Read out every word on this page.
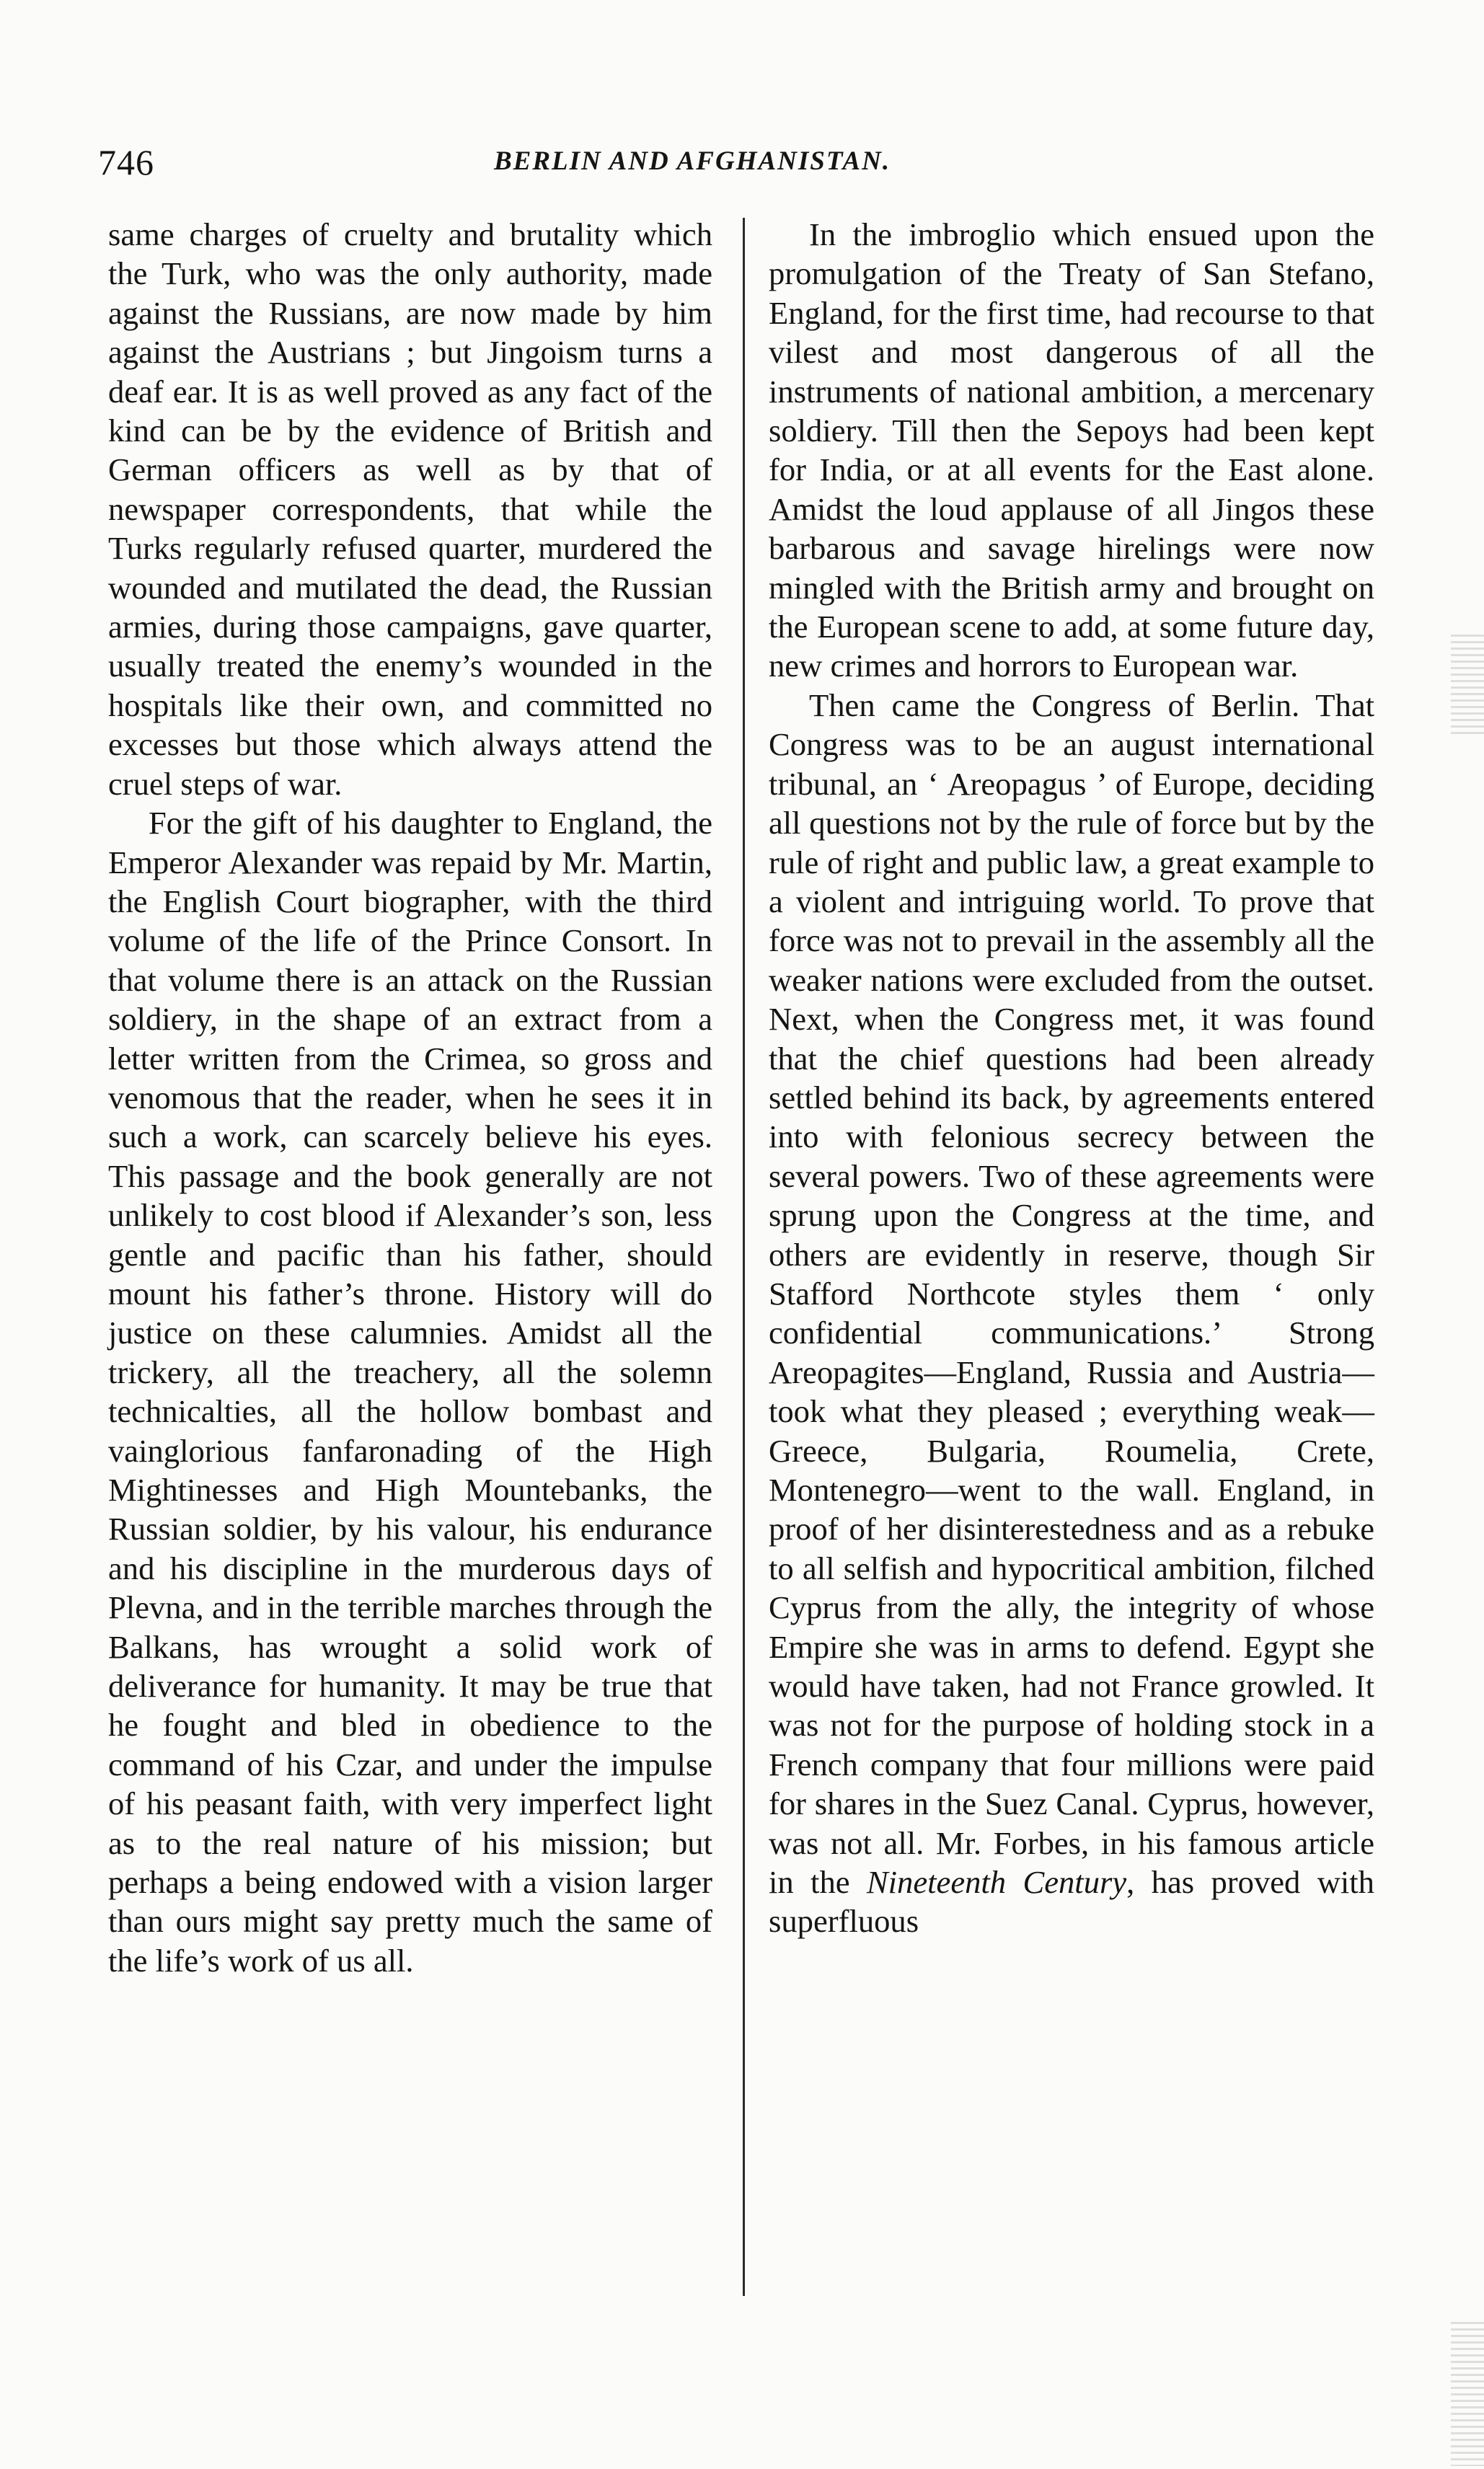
746	BERLIN AND AFGHANISTAN.

same charges of cruelty and brutality which the Turk, who was the only authority, made against the Russians, are now made by him against the Austrians ; but Jingoism turns a deaf ear. It is as well proved as any fact of the kind can be by the evidence of British and German officers as well as by that of newspaper correspondents, that while the Turks regularly refused quarter, murdered the wounded and mutilated the dead, the Russian armies, during those campaigns, gave quarter, usually treated the enemy’s wounded in the hospitals like their own, and committed no excesses but those which always attend the cruel steps of war.

For the gift of his daughter to England, the Emperor Alexander was repaid by Mr. Martin, the English Court biographer, with the third volume of the life of the Prince Consort. In that volume there is an attack on the Russian soldiery, in the shape of an extract from a letter written from the Crimea, so gross and venomous that the reader, when he sees it in such a work, can scarcely believe his eyes. This passage and the book generally are not unlikely to cost blood if Alexander’s son, less gentle and pacific than his father, should mount his father’s throne. History will do justice on these calumnies. Amidst all the trickery, all the treachery, all the solemn technicalties, all the hollow bombast and vainglorious fanfaronading of the High Mightinesses and High Mountebanks, the Russian soldier, by his valour, his endurance and his discipline in the murderous days of Plevna, and in the terrible marches through the Balkans, has wrought a solid work of deliverance for humanity. It may be true that he fought and bled in obedience to the command of his Czar, and under the impulse of his peasant faith, with very imperfect light as to the real nature of his mission; but perhaps a being endowed with a vision larger than ours might say pretty much the same of the life’s work of us all.

In the imbroglio which ensued upon the promulgation of the Treaty of San Stefano, England, for the first time, had recourse to that vilest and most dangerous of all the instruments of national ambition, a mercenary soldiery. Till then the Sepoys had been kept for India, or at all events for the East alone. Amidst the loud applause of all Jingos these barbarous and savage hirelings were now mingled with the British army and brought on the European scene to add, at some future day, new crimes and horrors to European war.

Then came the Congress of Berlin. That Congress was to be an august international tribunal, an ‘ Areopagus ’ of Europe, deciding all questions not by the rule of force but by the rule of right and public law, a great example to a violent and intriguing world. To prove that force was not to prevail in the assembly all the weaker nations were excluded from the outset. Next, when the Congress met, it was found that the chief questions had been already settled behind its back, by agreements entered into with felonious secrecy between the several powers. Two of these agreements were sprung upon the Congress at the time, and others are evidently in reserve, though Sir Stafford Northcote styles them ‘ only confidential communications.’ Strong Areopagites—England, Russia and Austria—took what they pleased ; everything weak—Greece, Bulgaria, Roumelia, Crete, Montenegro—went to the wall. England, in proof of her disinterestedness and as a rebuke to all selfish and hypocritical ambition, filched Cyprus from the ally, the integrity of whose Empire she was in arms to defend. Egypt she would have taken, had not France growled. It was not for the purpose of holding stock in a French company that four millions were paid for shares in the Suez Canal. Cyprus, however, was not all. Mr. Forbes, in his famous article in the Nineteenth Century, has proved with superfluous
